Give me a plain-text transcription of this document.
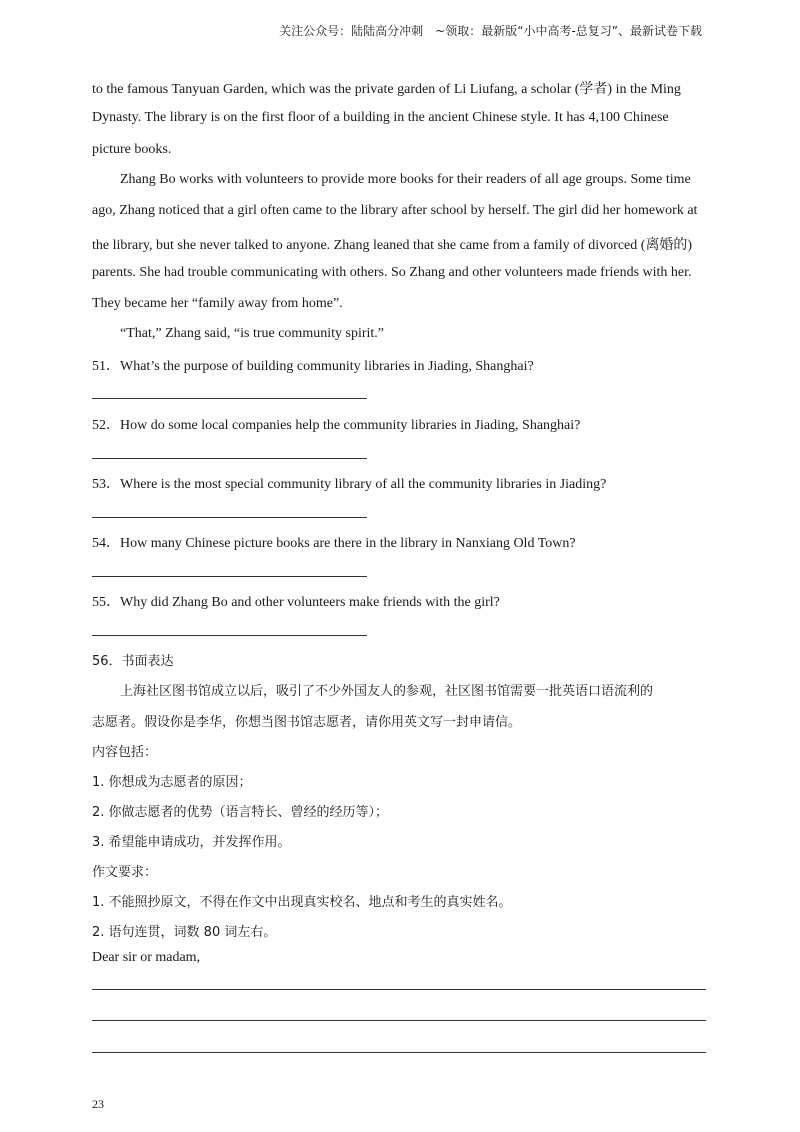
关注公众号：陆陆高分冲刺　~领取：最新版“小中高考-总复习”、最新试卷下载
to the famous Tanyuan Garden, which was the private garden of Li Liufang, a scholar (学者) in the Ming
Dynasty. The library is on the first floor of a building in the ancient Chinese style. It has 4,100 Chinese
picture books.
Zhang Bo works with volunteers to provide more books for their readers of all age groups. Some time
ago, Zhang noticed that a girl often came to the library after school by herself. The girl did her homework at
the library, but she never talked to anyone. Zhang leaned that she came from a family of divorced (离婚的)
parents. She had trouble communicating with others. So Zhang and other volunteers made friends with her.
They became her “family away from home”.
“That,” Zhang said, “is true community spirit.”
51．What’s the purpose of building community libraries in Jiading, Shanghai?
52．How do some local companies help the community libraries in Jiading, Shanghai?
53．Where is the most special community library of all the community libraries in Jiading?
54．How many Chinese picture books are there in the library in Nanxiang Old Town?
55．Why did Zhang Bo and other volunteers make friends with the girl?
56．书面表达
上海社区图书馆成立以后，吸引了不少外国友人的参观，社区图书馆需要一批英语口语流利的
志愿者。假设你是李华，你想当图书馆志愿者，请你用英文写一封申请信。
内容包括：
1. 你想成为志愿者的原因；
2. 你做志愿者的优势（语言特长、曾经的经历等）；
3. 希望能申请成功，并发挥作用。
作文要求：
1. 不能照抄原文，不得在作文中出现真实校名、地点和考生的真实姓名。
2. 语句连贯，词数 80 词左右。
Dear sir or madam,
23
